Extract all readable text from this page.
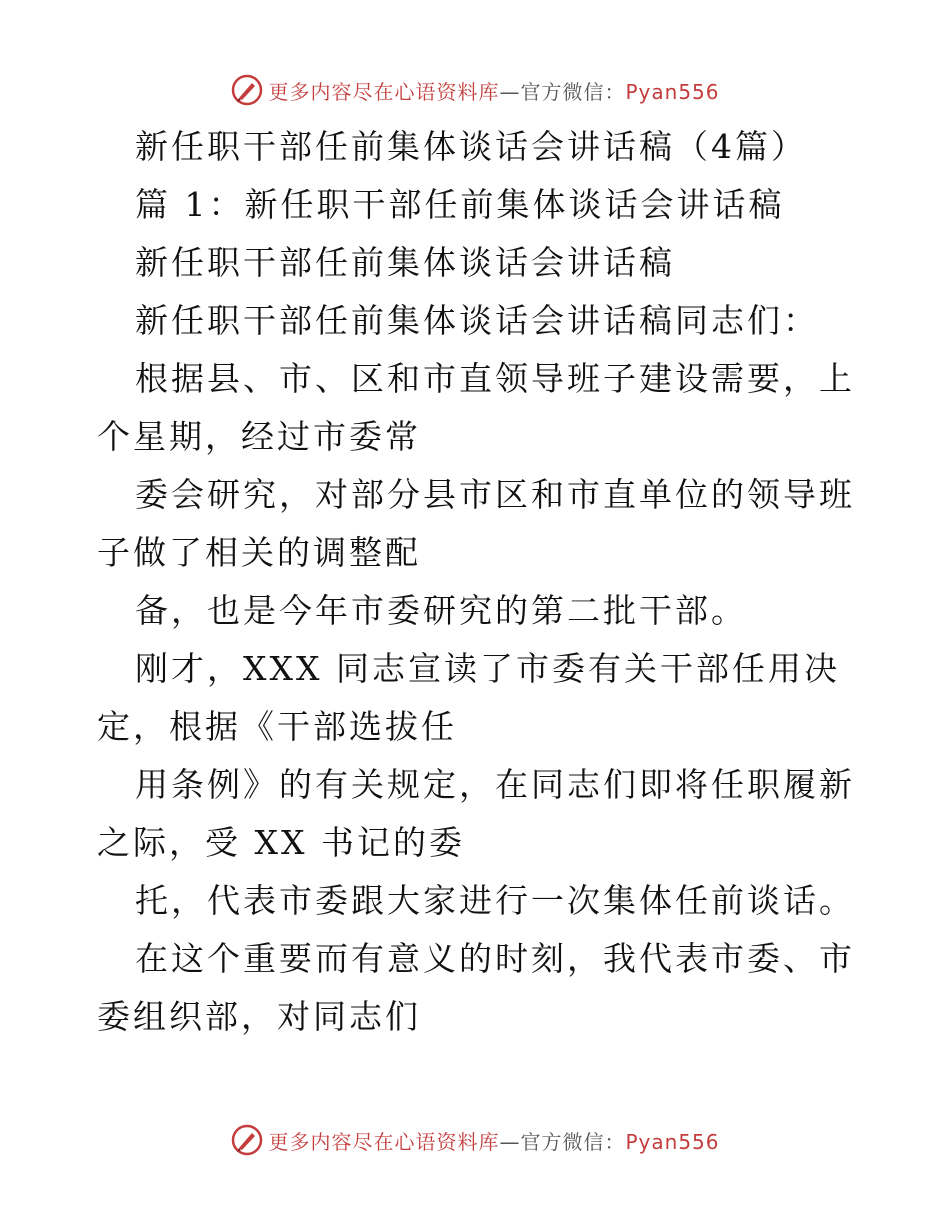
更多内容尽在心语资料库—官方微信：Pyan556

新任职干部任前集体谈话会讲话稿（4篇）

篇 1：新任职干部任前集体谈话会讲话稿

新任职干部任前集体谈话会讲话稿

新任职干部任前集体谈话会讲话稿同志们：

根据县、市、区和市直领导班子建设需要，上个星期，经过市委常

委会研究，对部分县市区和市直单位的领导班子做了相关的调整配

备，也是今年市委研究的第二批干部。

刚才，XXX 同志宣读了市委有关干部任用决定，根据《干部选拔任

用条例》的有关规定，在同志们即将任职履新之际，受 XX 书记的委

托，代表市委跟大家进行一次集体任前谈话。

在这个重要而有意义的时刻，我代表市委、市委组织部，对同志们

更多内容尽在心语资料库—官方微信：Pyan556
